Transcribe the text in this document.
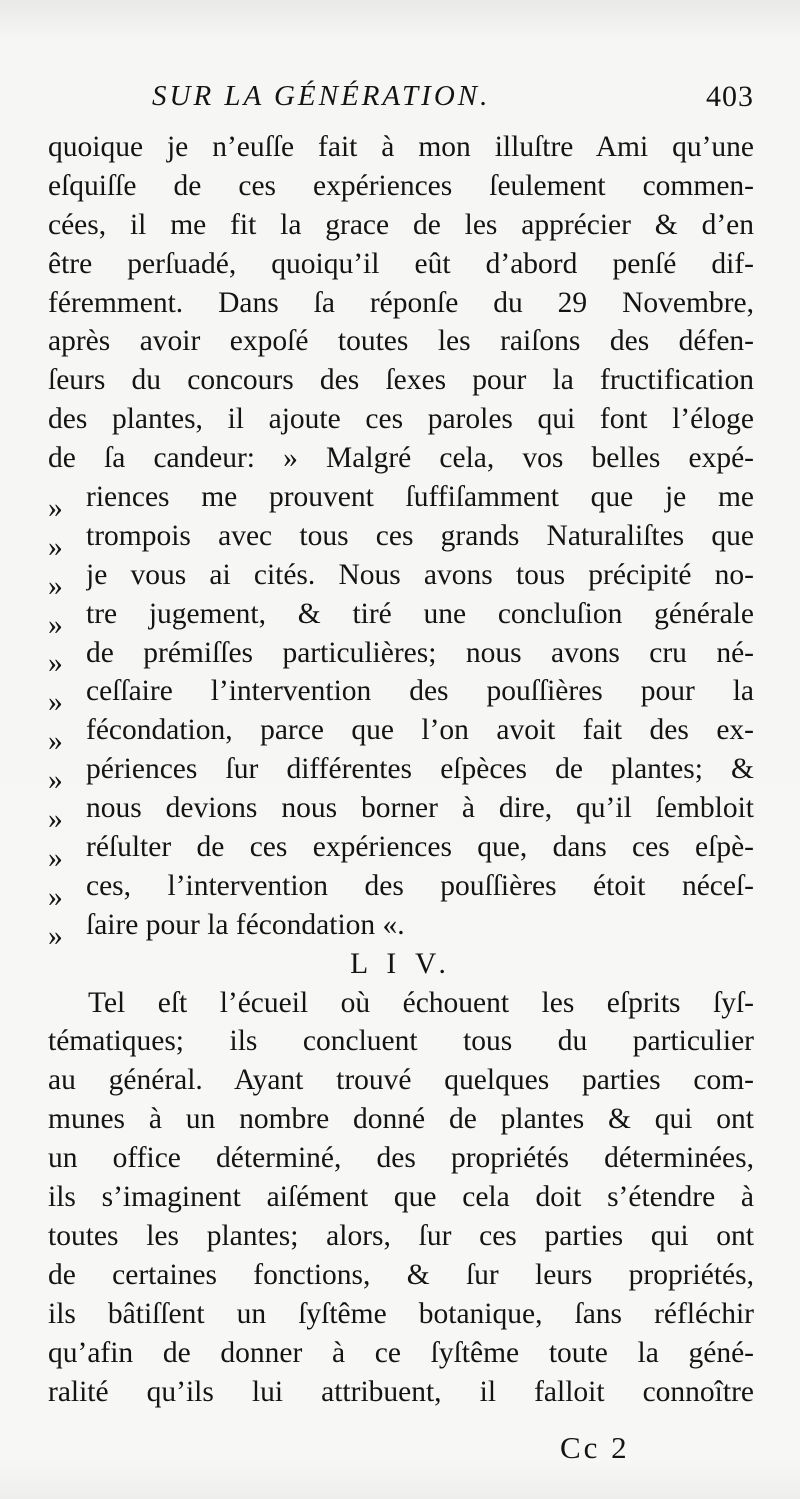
SUR LA GÉNÉRATION.	403
quoique je n’euſſe fait à mon illuſtre Ami qu’une
eſquiſſe de ces expériences ſeulement commen-
cées, il me fit la grace de les apprécier & d’en
être perſuadé, quoiqu’il eût d’abord penſé dif-
féremment. Dans ſa réponſe du 29 Novembre,
après avoir expoſé toutes les raiſons des défen-
ſeurs du concours des ſexes pour la fructification
des plantes, il ajoute ces paroles qui font l’éloge
de ſa candeur: » Malgré cela, vos belles expé-
» riences me prouvent ſuffiſamment que je me
» trompois avec tous ces grands Naturaliſtes que
» je vous ai cités. Nous avons tous précipité no-
» tre jugement, & tiré une concluſion générale
» de prémiſſes particulières; nous avons cru né-
» ceſſaire l’intervention des pouſſières pour la
» fécondation, parce que l’on avoit fait des ex-
» périences ſur différentes eſpèces de plantes; &
» nous devions nous borner à dire, qu’il ſembloit
» réſulter de ces expériences que, dans ces eſpè-
» ces, l’intervention des pouſſières étoit néceſ-
» ſaire pour la fécondation «.
L I V.
Tel eſt l’écueil où échouent les eſprits ſyſ-
tématiques; ils concluent tous du particulier
au général. Ayant trouvé quelques parties com-
munes à un nombre donné de plantes & qui ont
un office déterminé, des propriétés déterminées,
ils s’imaginent aiſément que cela doit s’étendre à
toutes les plantes; alors, ſur ces parties qui ont
de certaines fonctions, & ſur leurs propriétés,
ils bâtiſſent un ſyſtême botanique, ſans réfléchir
qu’afin de donner à ce ſyſtême toute la géné-
ralité qu’ils lui attribuent, il falloit connoître
Cc 2
